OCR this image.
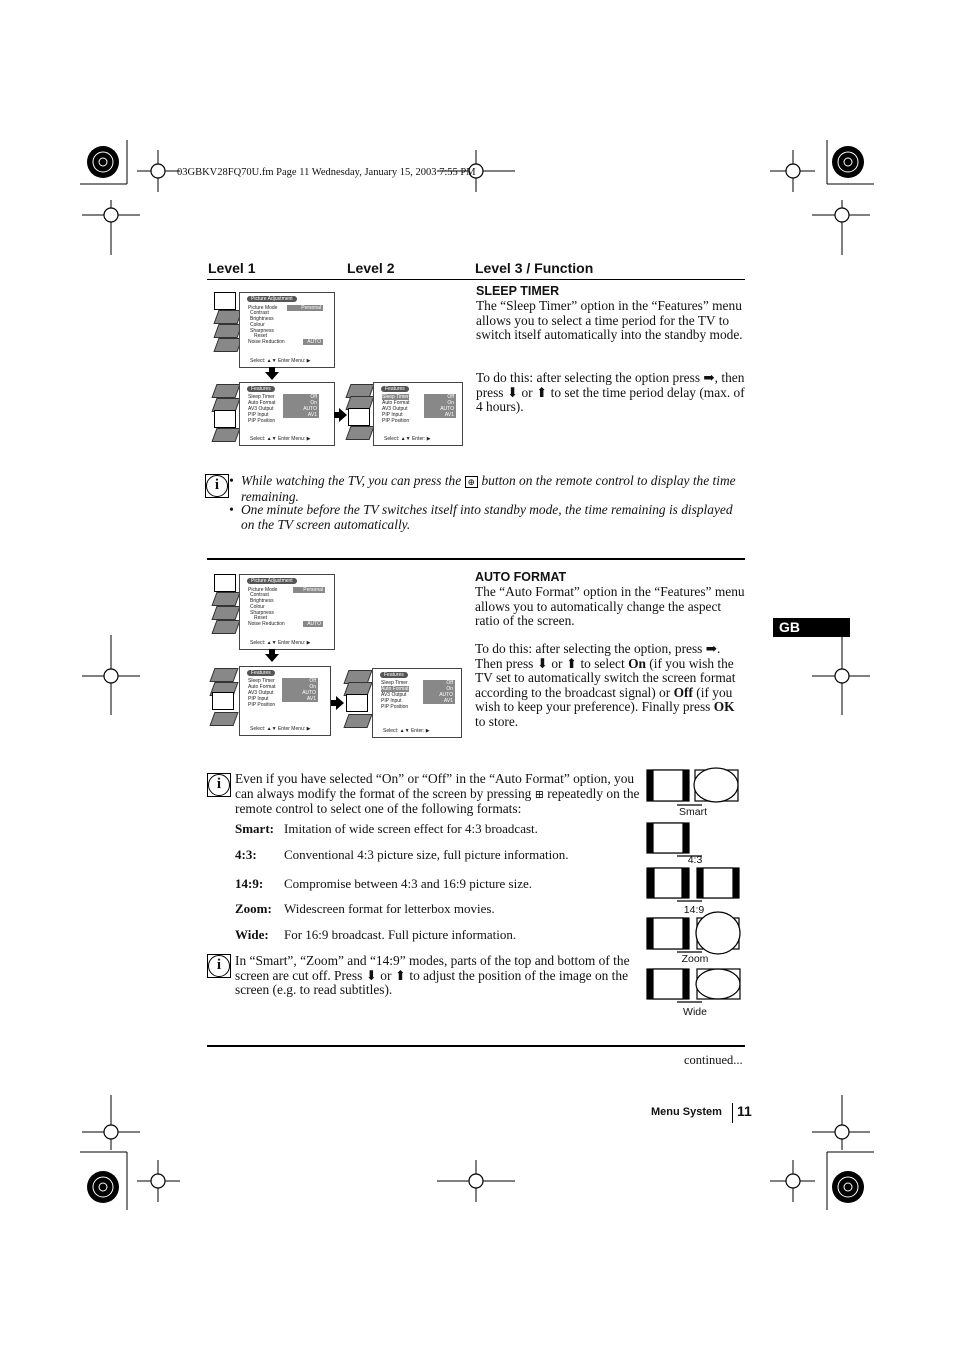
03GBKV28FQ70U.fm Page 11 Wednesday, January 15, 2003 7:55 PM
Level 1	Level 2	Level 3 / Function
GB
Picture Adjustment
Picture Mode	Personal
Contrast
Brightness
Colour
Sharpness
Reset
Noise Reduction	AUTO
Select: ▲▼ Enter Menu: ▶
Features
Sleep Timer
Auto Format
AV3 Output
PIP Input
PIP Position
Off
On
AUTO
AV1
Select: ▲▼ Enter Menu: ▶
Features
Sleep Timer
Auto Format
AV3 Output
PIP Input
PIP Position
Off
On
AUTO
AV1
Select: ▲▼ Enter: ▶
SLEEP TIMER
The “Sleep Timer” option in the “Features” menu allows you to select a time period for the TV to switch itself automatically into the standby mode.
To do this: after selecting the option press ➡, then press ⬇ or ⬆ to set the time period delay (max. of 4 hours).
i • While watching the TV, you can press the ⊕ button on the remote control to display the time remaining.
• One minute before the TV switches itself into standby mode, the time remaining is displayed on the TV screen automatically.
Picture Adjustment
Picture Mode	Personal
Contrast
Brightness
Colour
Sharpness
Reset
Noise Reduction	AUTO
Select: ▲▼ Enter Menu: ▶
Features
Sleep Timer
Auto Format
AV3 Output
PIP Input
PIP Position
Off
On
AUTO
AV1
Select: ▲▼ Enter Menu: ▶
Features
Sleep Timer
Auto Format
AV3 Output
PIP Input
PIP Position
Off
On
AUTO
AV1
Select: ▲▼ Enter: ▶
AUTO FORMAT
The “Auto Format” option in the “Features” menu allows you to automatically change the aspect ratio of the screen.
To do this: after selecting the option, press ➡. Then press ⬇ or ⬆ to select On (if you wish the TV set to automatically switch the screen format according to the broadcast signal) or Off (if you wish to keep your preference). Finally press OK to store.
i	Even if you have selected “On” or “Off” in the “Auto Format” option, you can always modify the format of the screen by pressing ⊞ repeatedly on the remote control to select one of the following formats:
Smart: Imitation of wide screen effect for 4:3 broadcast.
4:3: Conventional 4:3 picture size, full picture information.
14:9: Compromise between 4:3 and 16:9 picture size.
Zoom: Widescreen format for letterbox movies.
Wide: For 16:9 broadcast. Full picture information.
i	In “Smart”, “Zoom” and “14:9” modes, parts of the top and bottom of the screen are cut off. Press ⬇ or ⬆ to adjust the position of the image on the screen (e.g. to read subtitles).
Smart
4:3
14:9
Zoom
Wide
continued...
Menu System 11
